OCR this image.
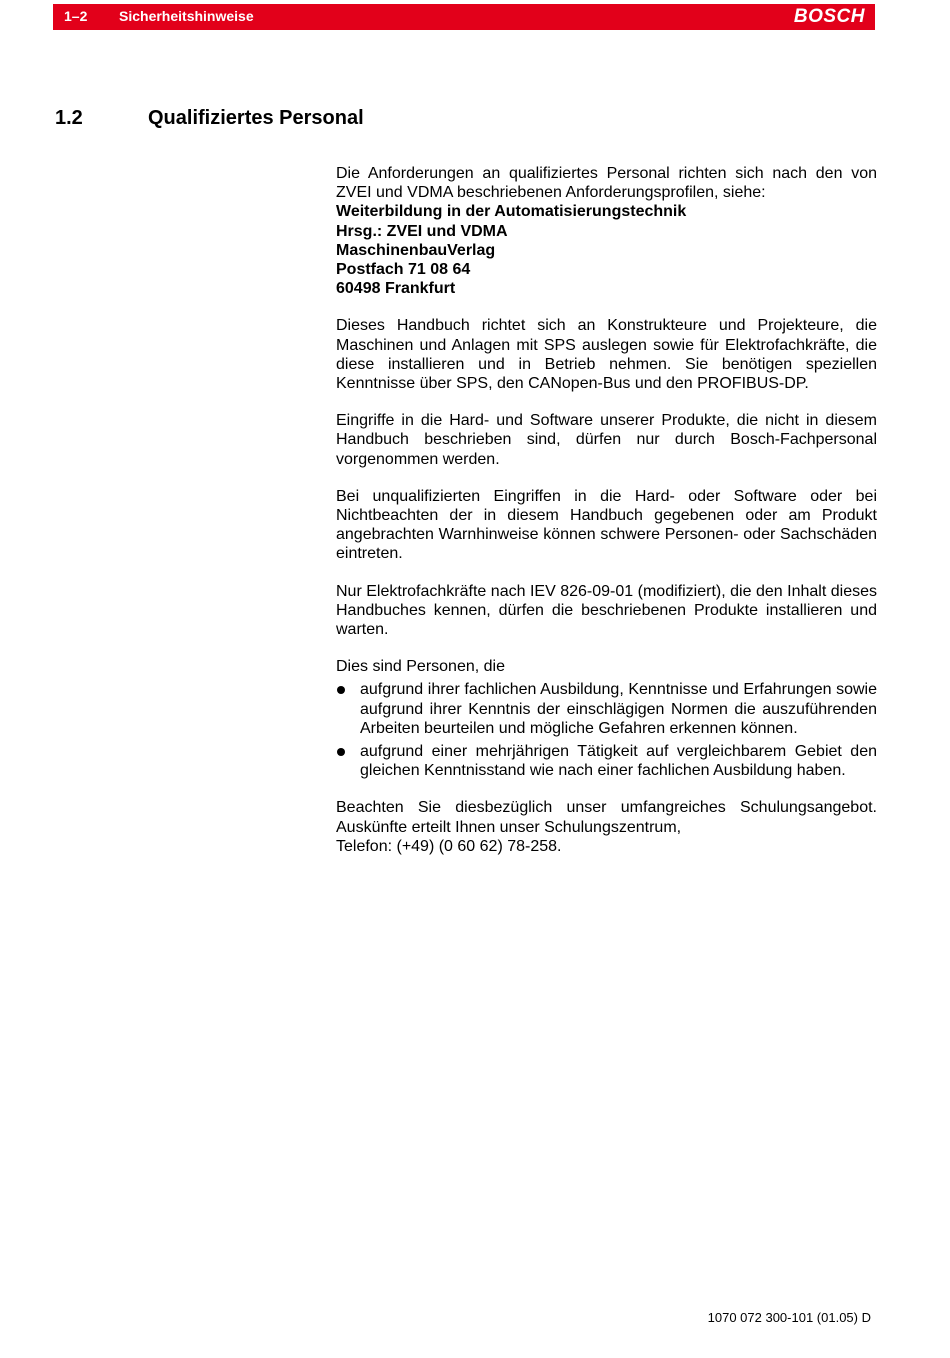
1–2 Sicherheitshinweise	BOSCH
1.2	Qualifiziertes Personal

Die Anforderungen an qualifiziertes Personal richten sich nach den von ZVEI und VDMA beschriebenen Anforderungsprofilen, siehe:
Weiterbildung in der Automatisierungstechnik
Hrsg.: ZVEI und VDMA
MaschinenbauVerlag
Postfach 71 08 64
60498 Frankfurt

Dieses Handbuch richtet sich an Konstrukteure und Projekteure, die Maschinen und Anlagen mit SPS auslegen sowie für Elektrofachkräfte, die diese installieren und in Betrieb nehmen. Sie benötigen speziellen Kenntnisse über SPS, den CANopen-Bus und den PROFIBUS-DP.

Eingriffe in die Hard- und Software unserer Produkte, die nicht in diesem Handbuch beschrieben sind, dürfen nur durch Bosch-Fachpersonal vorgenommen werden.

Bei unqualifizierten Eingriffen in die Hard- oder Software oder bei Nichtbeachten der in diesem Handbuch gegebenen oder am Produkt angebrachten Warnhinweise können schwere Personen- oder Sachschäden eintreten.

Nur Elektrofachkräfte nach IEV 826-09-01 (modifiziert), die den Inhalt dieses Handbuches kennen, dürfen die beschriebenen Produkte installieren und warten.

Dies sind Personen, die

aufgrund ihrer fachlichen Ausbildung, Kenntnisse und Erfahrungen sowie aufgrund ihrer Kenntnis der einschlägigen Normen die auszuführenden Arbeiten beurteilen und mögliche Gefahren erkennen können.
aufgrund einer mehrjährigen Tätigkeit auf vergleichbarem Gebiet den gleichen Kenntnisstand wie nach einer fachlichen Ausbildung haben.

Beachten Sie diesbezüglich unser umfangreiches Schulungsangebot. Auskünfte erteilt Ihnen unser Schulungszentrum,
Telefon: (+49) (0 60 62) 78-258.

1070 072 300-101 (01.05) D
